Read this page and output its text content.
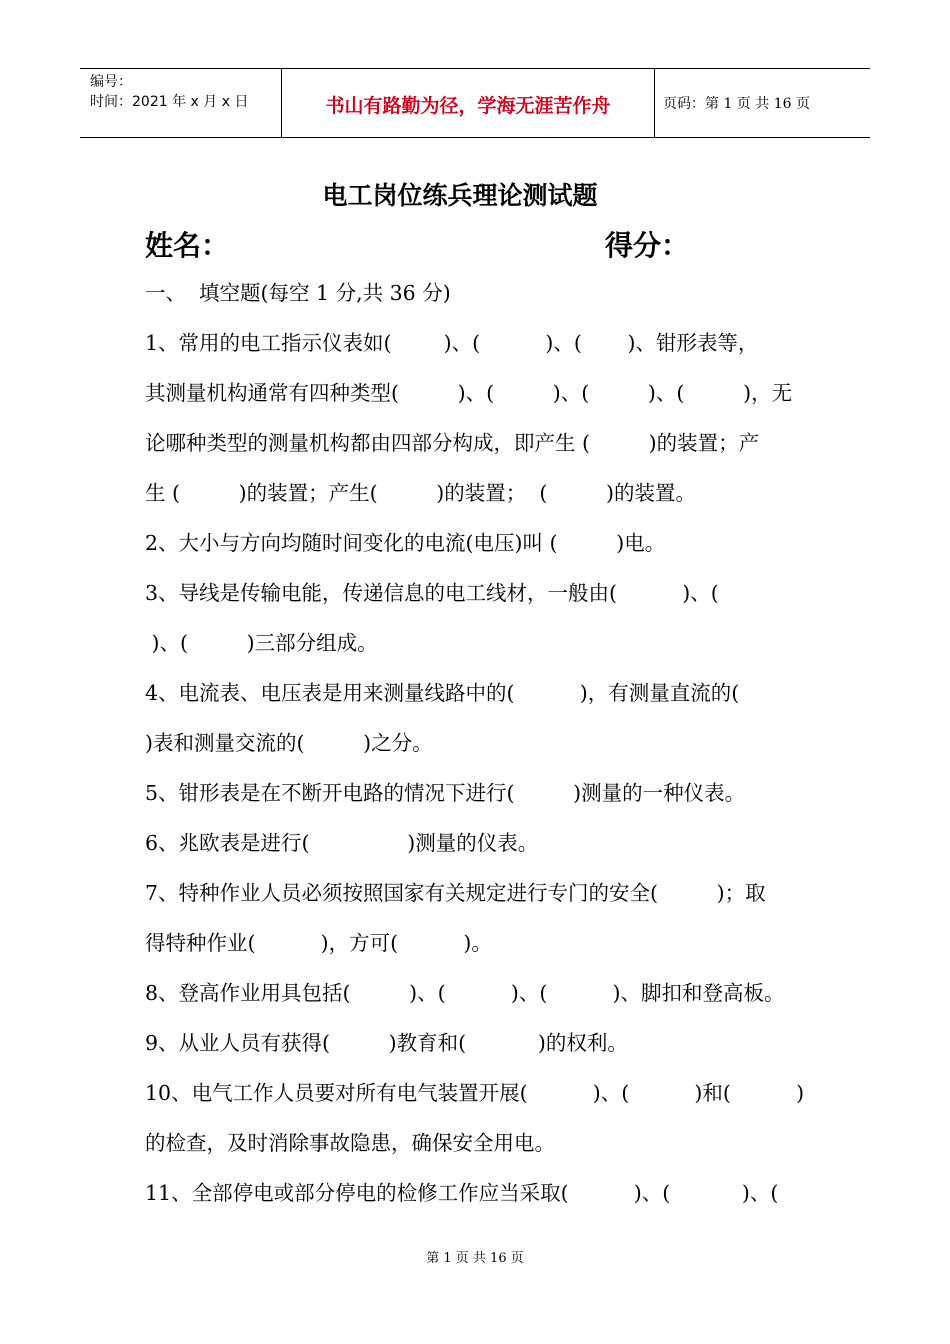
编号：
时间：2021 年 x 月 x 日	书山有路勤为径，学海无涯苦作舟	页码：第 1 页 共 16 页
电工岗位练兵理论测试题
姓名：	得分：
一、  填空题(每空 1 分,共 36 分)
1、常用的电工指示仪表如(        )、(          )、(       )、钳形表等，
其测量机构通常有四种类型(         )、(         )、(         )、(         )，无
论哪种类型的测量机构都由四部分构成，即产生 (         )的装置；产
生 (         )的装置；产生(         )的装置；  (         )的装置。
2、大小与方向均随时间变化的电流(电压)叫 (         )电。
3、导线是传输电能，传递信息的电工线材，一般由(          )、(
)、(         )三部分组成。
4、电流表、电压表是用来测量线路中的(          )，有测量直流的(
)表和测量交流的(         )之分。
5、钳形表是在不断开电路的情况下进行(         )测量的一种仪表。
6、兆欧表是进行(               )测量的仪表。
7、特种作业人员必须按照国家有关规定进行专门的安全(         )；取
得特种作业(          )，方可(          )。
8、登高作业用具包括(         )、(          )、(          )、脚扣和登高板。
9、从业人员有获得(         )教育和(           )的权利。
10、电气工作人员要对所有电气装置开展(          )、(          )和(          )
的检查，及时消除事故隐患，确保安全用电。
11、全部停电或部分停电的检修工作应当采取(          )、(           )、(
第 1 页 共 16 页
